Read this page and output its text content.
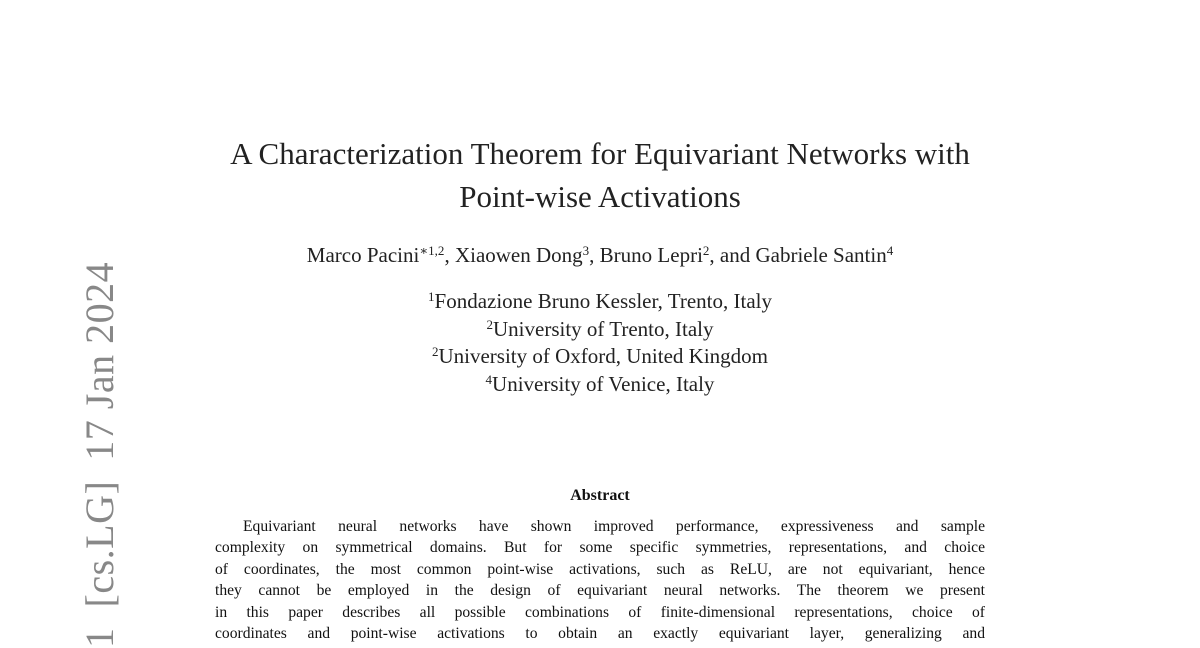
1[cs.LG]17 Jan 2024
A Characterization Theorem for Equivariant Networks with
Point-wise Activations
Marco Pacini$^{∗1,2}$, Xiaowen Dong$^3$, Bruno Lepri$^2$, and Gabriele Santin$^4$
$^1$Fondazione Bruno Kessler, Trento, Italy
$^2$University of Trento, Italy
$^2$University of Oxford, United Kingdom
$^4$University of Venice, Italy
Abstract
Equivariant neural networks have shown improved performance, expressiveness and sample
complexity on symmetrical domains. But for some specific symmetries, representations, and choice
of coordinates, the most common point-wise activations, such as ReLU, are not equivariant, hence
they cannot be employed in the design of equivariant neural networks. The theorem we present
in this paper describes all possible combinations of finite-dimensional representations, choice of
coordinates and point-wise activations to obtain an exactly equivariant layer, generalizing and
